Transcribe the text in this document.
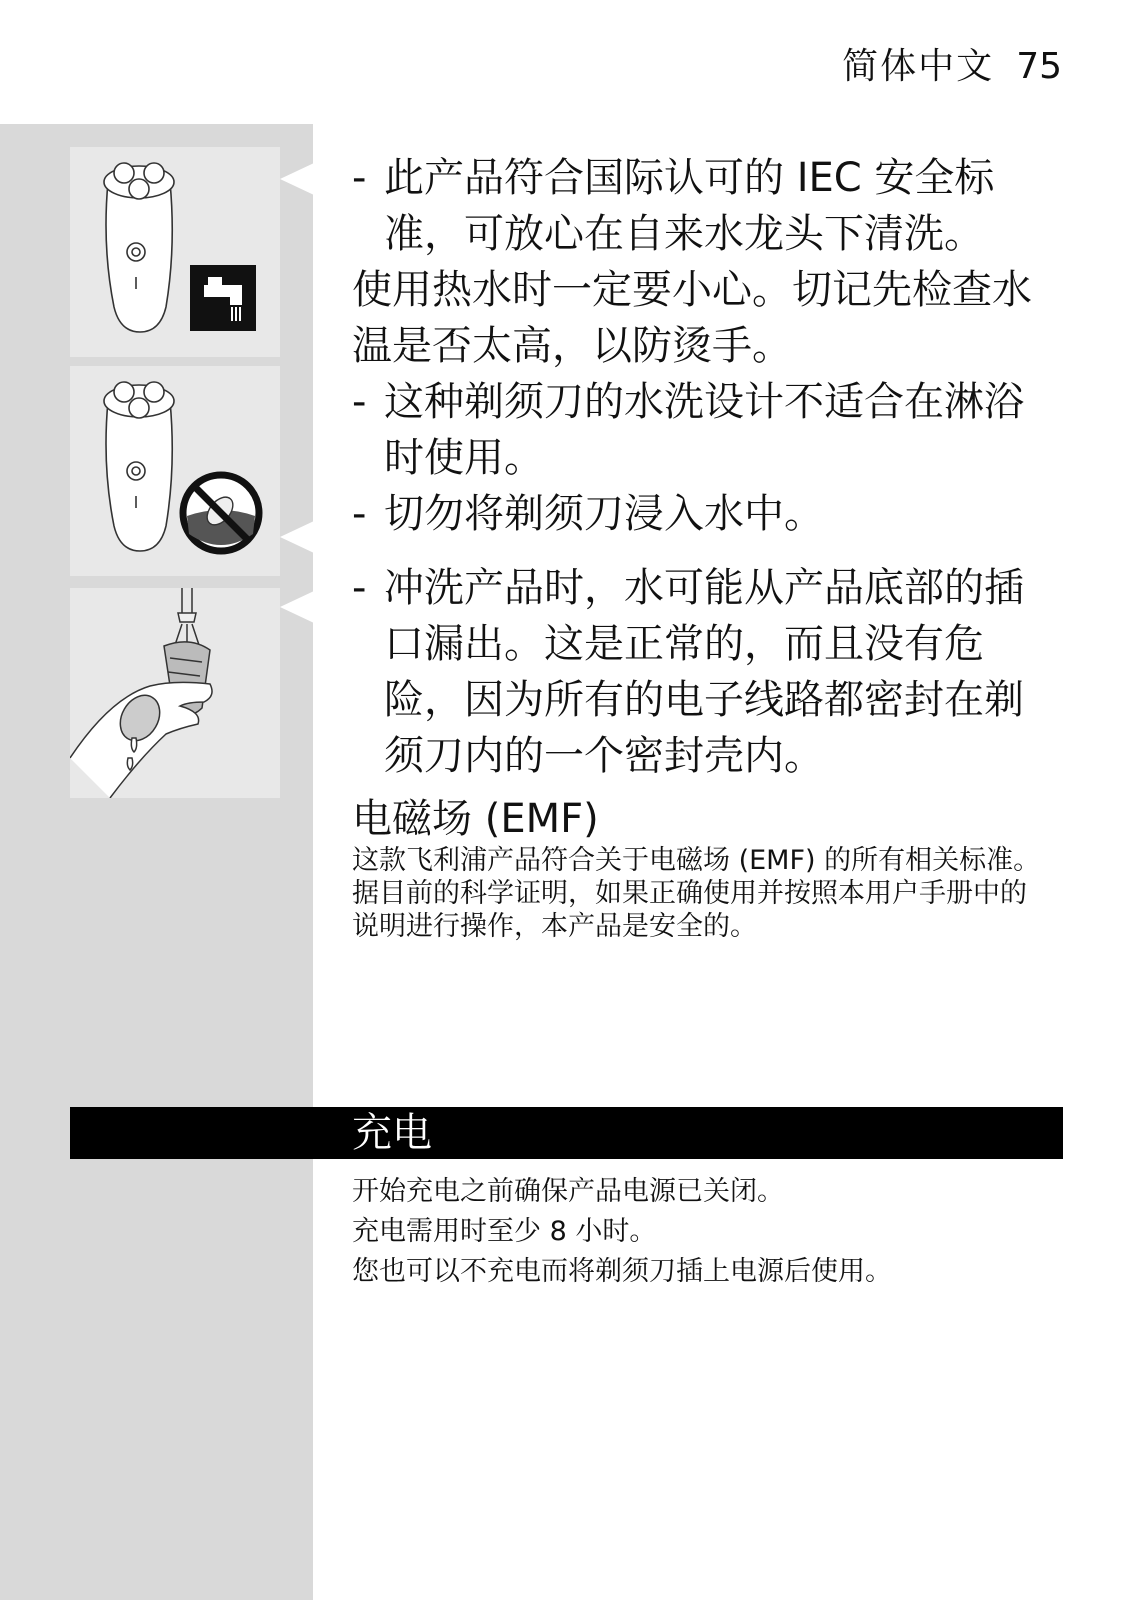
简体中文 75
- 此产品符合国际认可的 IEC 安全标准，可放心在自来水龙头下清洗。
使用热水时一定要小心。切记先检查水温是否太高，以防烫手。
- 这种剃须刀的水洗设计不适合在淋浴时使用。
- 切勿将剃须刀浸入水中。
- 冲洗产品时，水可能从产品底部的插口漏出。这是正常的，而且没有危险，因为所有的电子线路都密封在剃须刀内的一个密封壳内。
电磁场 (EMF)
这款飞利浦产品符合关于电磁场 (EMF) 的所有相关标准。据目前的科学证明，如果正确使用并按照本用户手册中的说明进行操作，本产品是安全的。
充电
开始充电之前确保产品电源已关闭。
充电需用时至少 8 小时。
您也可以不充电而将剃须刀插上电源后使用。
